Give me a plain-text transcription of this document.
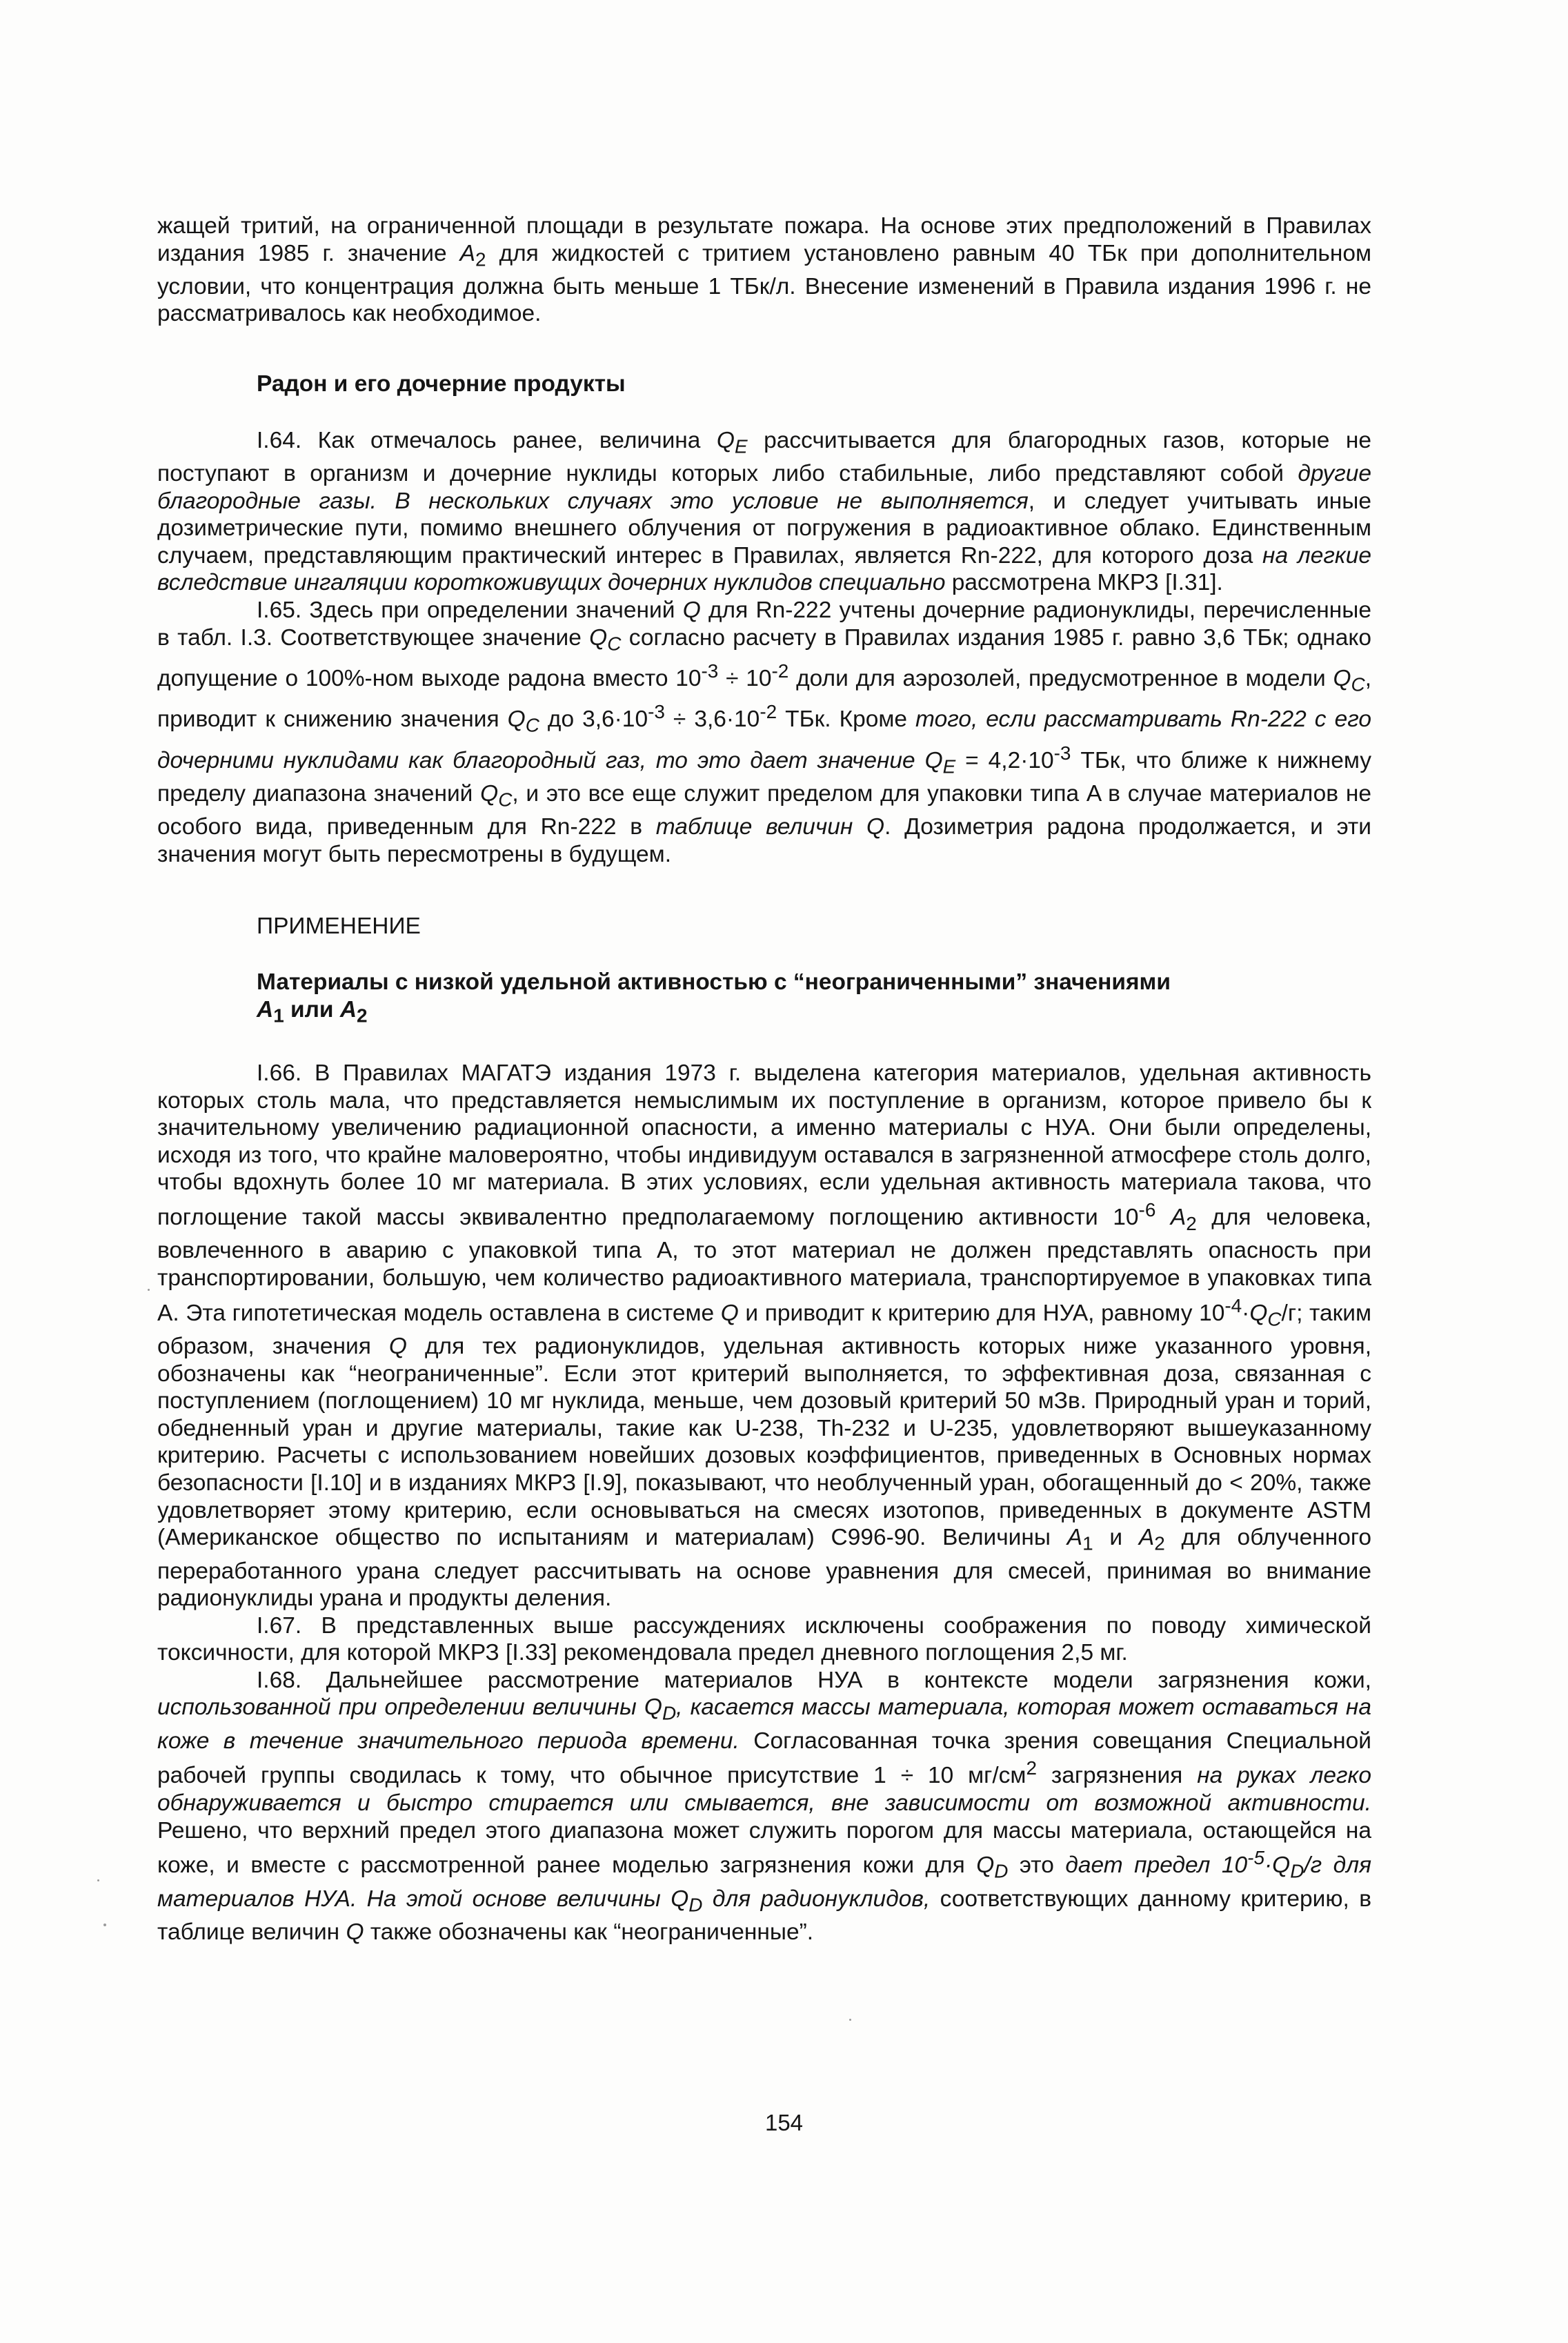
жащей тритий, на ограниченной площади в результате пожара. На основе этих предположений в Правилах издания 1985 г. значение $A_2$ для жидкостей с тритием установлено равным 40 ТБк при дополнительном условии, что концентрация должна быть меньше 1 ТБк/л. Внесение изменений в Правила издания 1996 г. не рассматривалось как необходимое.

Радон и его дочерние продукты

I.64. Как отмечалось ранее, величина $Q_E$ рассчитывается для благородных газов, которые не поступают в организм и дочерние нуклиды которых либо стабильные, либо представляют собой другие благородные газы. В нескольких случаях это условие не выполняется, и следует учитывать иные дозиметрические пути, помимо внешнего облучения от погружения в радиоактивное облако. Единственным случаем, представляющим практический интерес в Правилах, является Rn-222, для которого доза на легкие вследствие ингаляции короткоживущих дочерних нуклидов специально рассмотрена МКРЗ [I.31].

I.65. Здесь при определении значений Q для Rn-222 учтены дочерние радионуклиды, перечисленные в табл. I.3. Соответствующее значение $Q_C$ согласно расчету в Правилах издания 1985 г. равно 3,6 ТБк; однако допущение о 100%-ном выходе радона вместо $10^{-3} \div 10^{-2}$ доли для аэрозолей, предусмотренное в модели $Q_C$, приводит к снижению значения $Q_C$ до $3,6\cdot 10^{-3} \div 3,6\cdot 10^{-2}$ ТБк. Кроме того, если рассматривать Rn-222 с его дочерними нуклидами как благородный газ, то это дает значение $Q_E = 4,2\cdot 10^{-3}$ ТБк, что ближе к нижнему пределу диапазона значений $Q_C$, и это все еще служит пределом для упаковки типа A в случае материалов не особого вида, приведенным для Rn-222 в таблице величин Q. Дозиметрия радона продолжается, и эти значения могут быть пересмотрены в будущем.

ПРИМЕНЕНИЕ

Материалы с низкой удельной активностью с “неограниченными” значениями
$A_1$ или $A_2$

I.66. В Правилах МАГАТЭ издания 1973 г. выделена категория материалов, удельная активность которых столь мала, что представляется немыслимым их поступление в организм, которое привело бы к значительному увеличению радиационной опасности, а именно материалы с НУА. Они были определены, исходя из того, что крайне маловероятно, чтобы индивидуум оставался в загрязненной атмосфере столь долго, чтобы вдохнуть более 10 мг материала. В этих условиях, если удельная активность материала такова, что поглощение такой массы эквивалентно предполагаемому поглощению активности $10^{-6}$ $A_2$ для человека, вовлеченного в аварию с упаковкой типа A, то этот материал не должен представлять опасность при транспортировании, большую, чем количество радиоактивного материала, транспортируемое в упаковках типа A. Эта гипотетическая модель оставлена в системе Q и приводит к критерию для НУА, равному $10^{-4}\cdot Q_C/г$; таким образом, значения Q для тех радионуклидов, удельная активность которых ниже указанного уровня, обозначены как “неограниченные”. Если этот критерий выполняется, то эффективная доза, связанная с поступлением (поглощением) 10 мг нуклида, меньше, чем дозовый критерий 50 мЗв. Природный уран и торий, обедненный уран и другие материалы, такие как U-238, Th-232 и U-235, удовлетворяют вышеуказанному критерию. Расчеты с использованием новейших дозовых коэффициентов, приведенных в Основных нормах безопасности [I.10] и в изданиях МКРЗ [I.9], показывают, что необлученный уран, обогащенный до < 20%, также удовлетворяет этому критерию, если основываться на смесях изотопов, приведенных в документе ASTM (Американское общество по испытаниям и материалам) C996-90. Величины $A_1$ и $A_2$ для облученного переработанного урана следует рассчитывать на основе уравнения для смесей, принимая во внимание радионуклиды урана и продукты деления.

I.67. В представленных выше рассуждениях исключены соображения по поводу химической токсичности, для которой МКРЗ [I.33] рекомендовала предел дневного поглощения 2,5 мг.

I.68. Дальнейшее рассмотрение материалов НУА в контексте модели загрязнения кожи, использованной при определении величины $Q_D$, касается массы материала, которая может оставаться на коже в течение значительного периода времени. Согласованная точка зрения совещания Специальной рабочей группы сводилась к тому, что обычное присутствие 1 ÷ 10 $мг/см^2$ загрязнения на руках легко обнаруживается и быстро стирается или смывается, вне зависимости от возможной активности. Решено, что верхний предел этого диапазона может служить порогом для массы материала, остающейся на коже, и вместе с рассмотренной ранее моделью загрязнения кожи для $Q_D$ это дает предел $10^{-5}\cdot Q_D/г$ для материалов НУА. На этой основе величины $Q_D$ для радионуклидов, соответствующих данному критерию, в таблице величин Q также обозначены как “неограниченные”.

154
